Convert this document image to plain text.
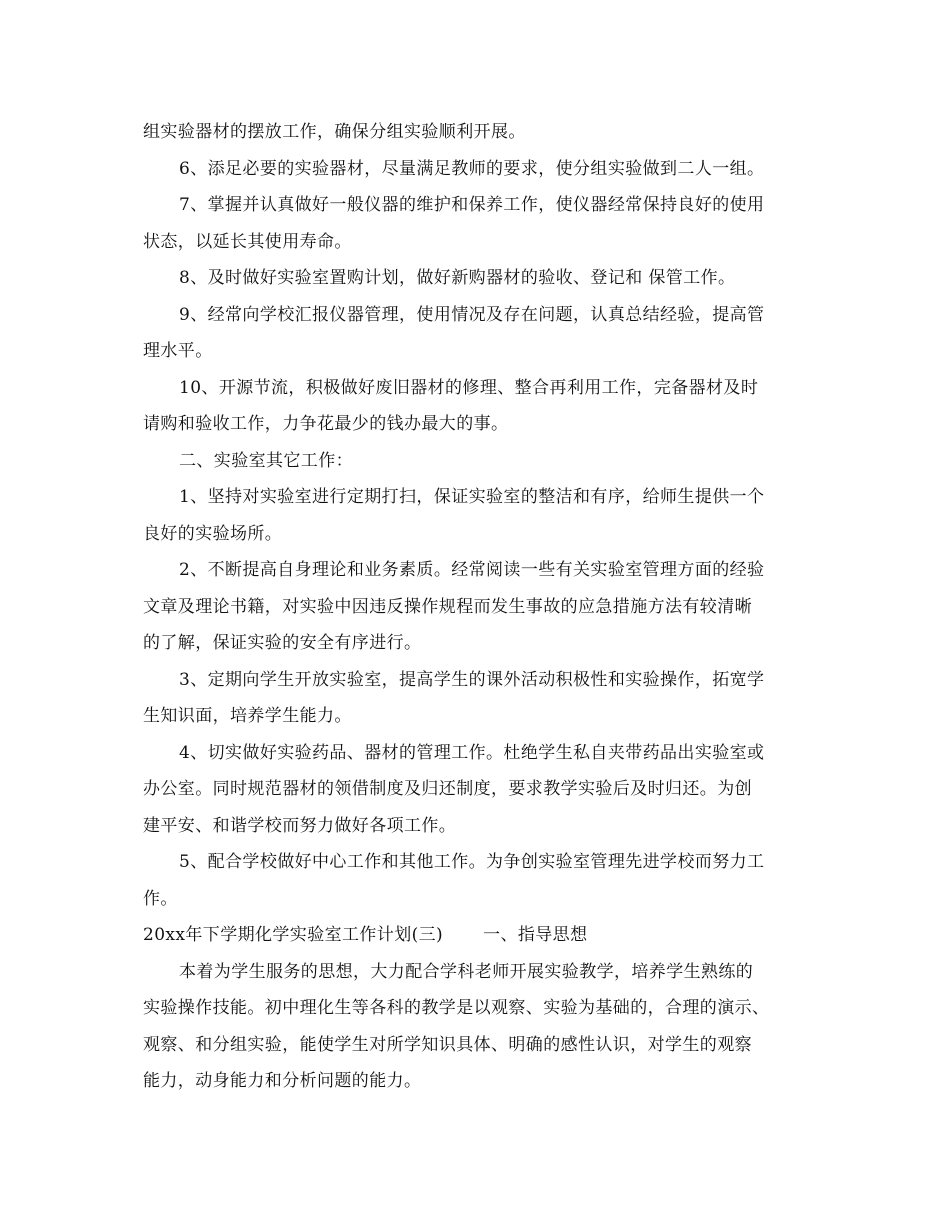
组实验器材的摆放工作，确保分组实验顺利开展。
6、添足必要的实验器材，尽量满足教师的要求，使分组实验做到二人一组。
7、掌握并认真做好一般仪器的维护和保养工作，使仪器经常保持良好的使用
状态，以延长其使用寿命。
8、及时做好实验室置购计划，做好新购器材的验收、登记和 保管工作。
9、经常向学校汇报仪器管理，使用情况及存在问题，认真总结经验，提高管
理水平。
10、开源节流，积极做好废旧器材的修理、整合再利用工作，完备器材及时
请购和验收工作，力争花最少的钱办最大的事。
二、实验室其它工作：
1、坚持对实验室进行定期打扫，保证实验室的整洁和有序，给师生提供一个
良好的实验场所。
2、不断提高自身理论和业务素质。经常阅读一些有关实验室管理方面的经验
文章及理论书籍，对实验中因违反操作规程而发生事故的应急措施方法有较清晰
的了解，保证实验的安全有序进行。
3、定期向学生开放实验室，提高学生的课外活动积极性和实验操作，拓宽学
生知识面，培养学生能力。
4、切实做好实验药品、器材的管理工作。杜绝学生私自夹带药品出实验室或
办公室。同时规范器材的领借制度及归还制度，要求教学实验后及时归还。为创
建平安、和谐学校而努力做好各项工作。
5、配合学校做好中心工作和其他工作。为争创实验室管理先进学校而努力工
作。
20xx年下学期化学实验室工作计划(三) 一、指导思想
本着为学生服务的思想，大力配合学科老师开展实验教学，培养学生熟练的
实验操作技能。初中理化生等各科的教学是以观察、实验为基础的，合理的演示、
观察、和分组实验，能使学生对所学知识具体、明确的感性认识，对学生的观察
能力，动身能力和分析问题的能力。
